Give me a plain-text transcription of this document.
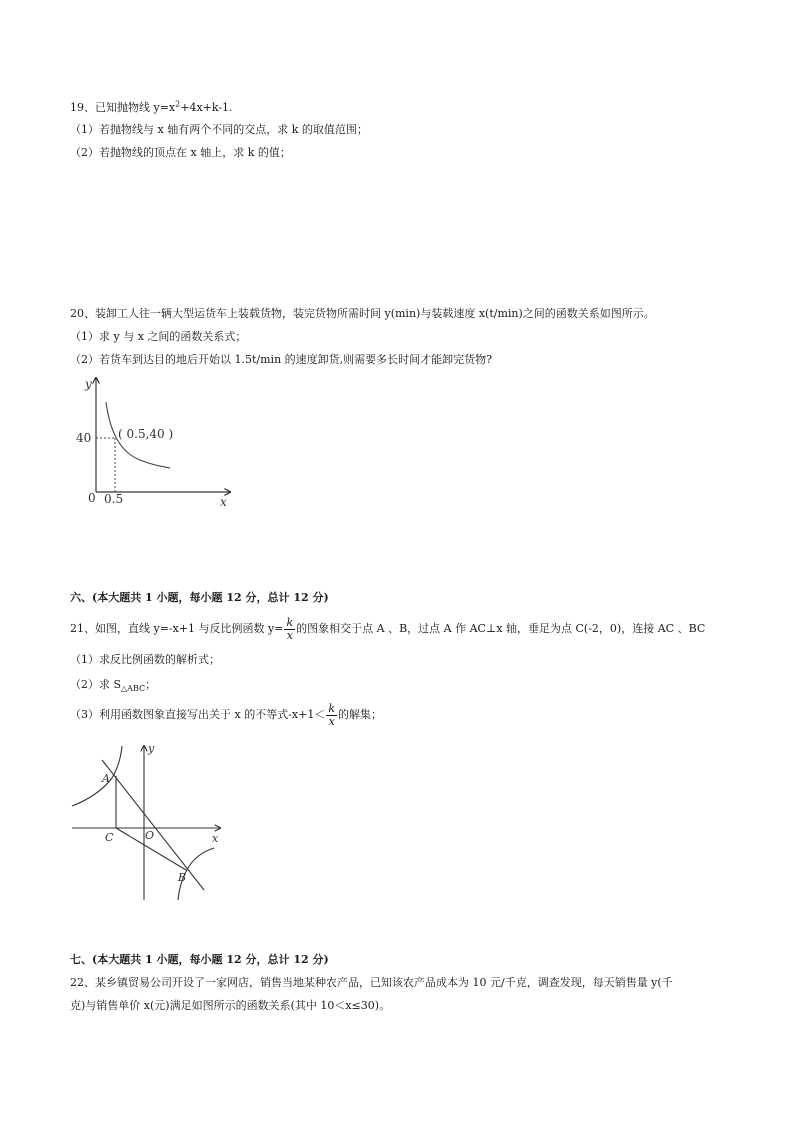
19、已知抛物线 $y=x^2+4x+k-1$.
（1）若抛物线与 x 轴有两个不同的交点，求 k 的取值范围；
（2）若抛物线的顶点在 x 轴上，求 k 的值；
20、装卸工人往一辆大型运货车上装载货物，装完货物所需时间 y(min)与装载速度 x(t/min)之间的函数关系如图所示。
（1）求 y 与 x 之间的函数关系式；
（2）若货车到达目的地后开始以 1.5t/min 的速度卸货,则需要多长时间才能卸完货物?
y
x
0
40
0.5
( 0.5,40 )
六、(本大题共 1 小题，每小题 12 分，总计 12 分)
21、如图，直线 y=-x+1 与反比例函数 $y= \frac{k}{x}$ 的图象相交于点 A 、B，过点 A 作 AC⊥x 轴，垂足为点 C(-2，0)，连接 AC 、BC
（1）求反比例函数的解析式；
（2）求 $S_{\triangle ABC}$；
（3）利用函数图象直接写出关于 x 的不等式$-x+1< \frac{k}{x}$ 的解集；
A
B
C	O	x
y
七、(本大题共 1 小题，每小题 12 分，总计 12 分)
22、某乡镇贸易公司开设了一家网店，销售当地某种农产品，已知该农产品成本为 10 元/千克，调查发现，每天销售量 y(千
克)与销售单价 x(元)满足如图所示的函数关系(其中 10＜x≤30)。
